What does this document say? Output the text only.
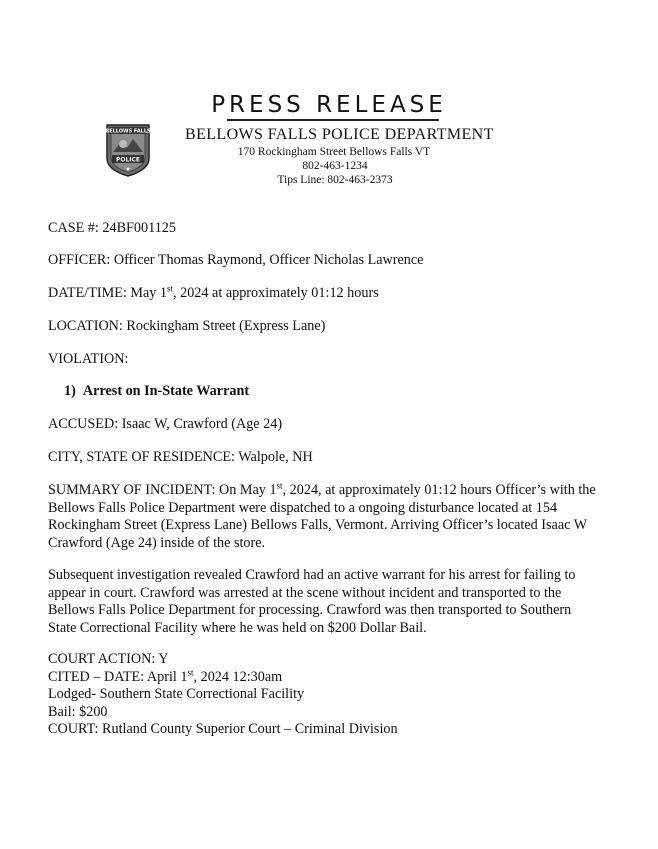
PRESS RELEASE
BELLOWS FALLS
POLICE
BELLOWS FALLS POLICE DEPARTMENT
170 Rockingham Street Bellows Falls VT
802-463-1234
Tips Line: 802-463-2373
CASE #: 24BF001125
OFFICER: Officer Thomas Raymond, Officer Nicholas Lawrence
DATE/TIME: May 1st, 2024 at approximately 01:12 hours
LOCATION: Rockingham Street (Express Lane)
VIOLATION:
1)  Arrest on In-State Warrant
ACCUSED: Isaac W, Crawford (Age 24)
CITY, STATE OF RESIDENCE: Walpole, NH
SUMMARY OF INCIDENT: On May 1st, 2024, at approximately 01:12 hours Officer’s with the
Bellows Falls Police Department were dispatched to a ongoing disturbance located at 154
Rockingham Street (Express Lane) Bellows Falls, Vermont. Arriving Officer’s located Isaac W
Crawford (Age 24) inside of the store.
Subsequent investigation revealed Crawford had an active warrant for his arrest for failing to
appear in court. Crawford was arrested at the scene without incident and transported to the
Bellows Falls Police Department for processing. Crawford was then transported to Southern
State Correctional Facility where he was held on $200 Dollar Bail.
COURT ACTION: Y
CITED – DATE: April 1st, 2024 12:30am
Lodged- Southern State Correctional Facility
Bail: $200
COURT: Rutland County Superior Court – Criminal Division
